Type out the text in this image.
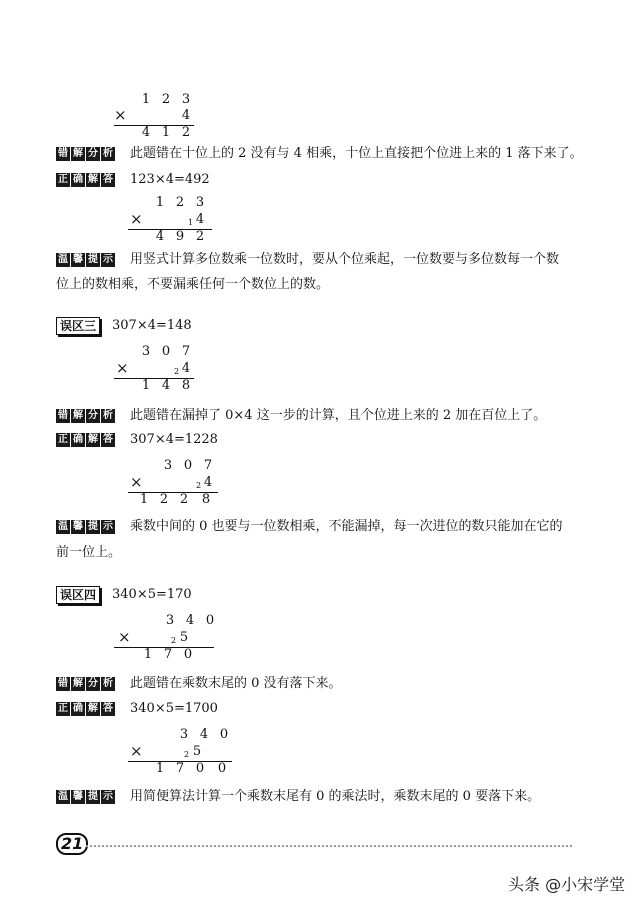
1 2 3
×	4
4 1 2
错 解 分 析 此题错在十位上的 2 没有与 4 相乘，十位上直接把个位进上来的 1 落下来了。
正 确 解 答 123×4=492
1 2 3
×	1 4
4 9 2
温 馨 提 示 用竖式计算多位数乘一位数时，要从个位乘起，一位数要与多位数每一个数
位上的数相乘，不要漏乘任何一个数位上的数。
误区三	307×4=148
3 0 7
×	2 4
1 4 8
错 解 分 析 此题错在漏掉了 0×4 这一步的计算，且个位进上来的 2 加在百位上了。
正 确 解 答 307×4=1228
3 0 7
×	2 4
1 2 2 8
温 馨 提 示 乘数中间的 0 也要与一位数相乘，不能漏掉，每一次进位的数只能加在它的
前一位上。
误区四	340×5=170
3 4 0
×	2 5
1 7 0
错 解 分 析 此题错在乘数末尾的 0 没有落下来。
正 确 解 答 340×5=1700
3 4 0
×	2 5
1 7 0 0
温 馨 提 示 用简便算法计算一个乘数末尾有 0 的乘法时，乘数末尾的 0 要落下来。
21
头条 @小宋学堂
